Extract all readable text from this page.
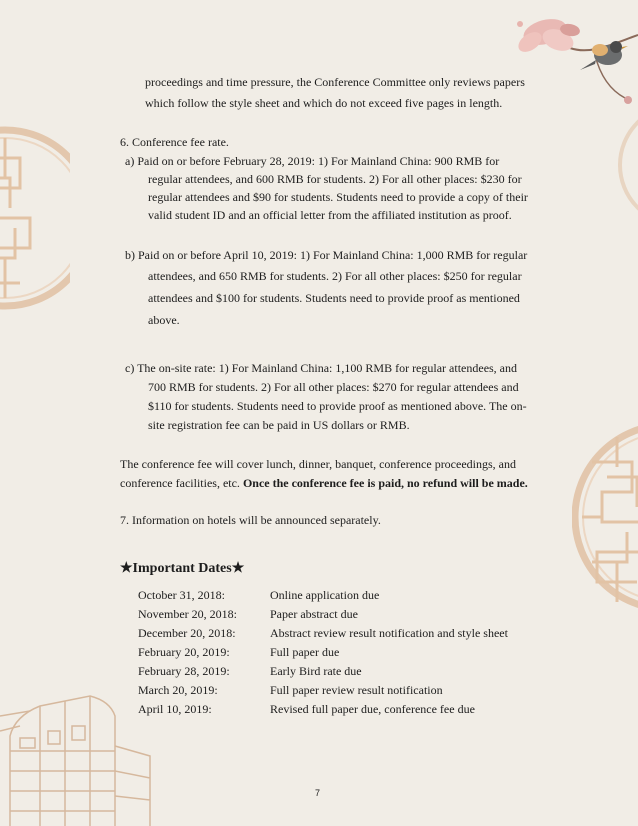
proceedings and time pressure, the Conference Committee only reviews papers
which follow the style sheet and which do not exceed five pages in length.
6. Conference fee rate.
a) Paid on or before February 28, 2019: 1) For Mainland China: 900 RMB for
regular attendees, and 600 RMB for students. 2) For all other places: $230 for
regular attendees and $90 for students. Students need to provide a copy of their
valid student ID and an official letter from the affiliated institution as proof.
b) Paid on or before April 10, 2019: 1) For Mainland China: 1,000 RMB for regular
attendees, and 650 RMB for students. 2) For all other places: $250 for regular
attendees and $100 for students. Students need to provide proof as mentioned
above.
c) The on-site rate: 1) For Mainland China: 1,100 RMB for regular attendees, and
700 RMB for students. 2) For all other places: $270 for regular attendees and
$110 for students. Students need to provide proof as mentioned above. The on-
site registration fee can be paid in US dollars or RMB.
The conference fee will cover lunch, dinner, banquet, conference proceedings, and
conference facilities, etc. Once the conference fee is paid, no refund will be made.
7. Information on hotels will be announced separately.
★Important Dates★
October 31, 2018:	Online application due
November 20, 2018:	Paper abstract due
December 20, 2018:	Abstract review result notification and style sheet
February 20, 2019:	Full paper due
February 28, 2019:	Early Bird rate due
March 20, 2019:	Full paper review result notification
April 10, 2019:	Revised full paper due, conference fee due
7
